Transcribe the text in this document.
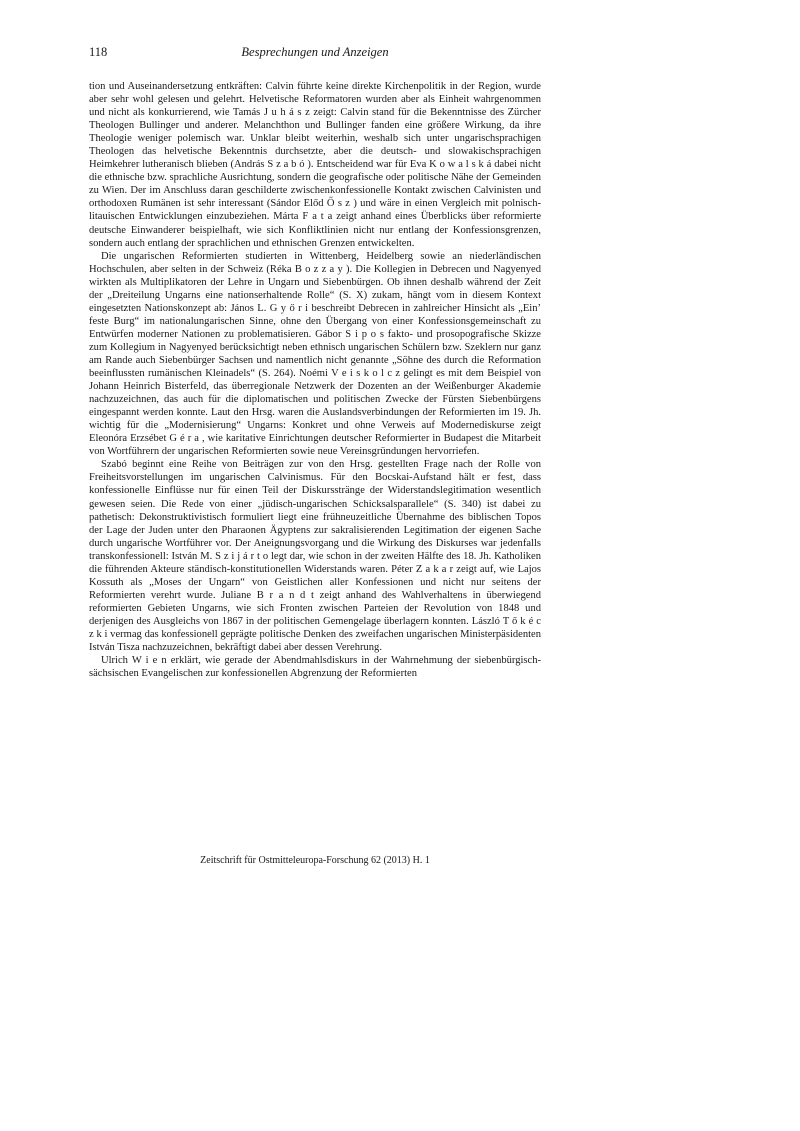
118	Besprechungen und Anzeigen

tion und Auseinandersetzung entkräften: Calvin führte keine direkte Kirchenpolitik in der Region, wurde aber sehr wohl gelesen und gelehrt. Helvetische Reformatoren wurden aber als Einheit wahrgenommen und nicht als konkurrierend, wie Tamás J u h á s z zeigt: Calvin stand für die Bekenntnisse des Zürcher Theologen Bullinger und anderer. Melanchthon und Bullinger fanden eine größere Wirkung, da ihre Theologie weniger polemisch war. Unklar bleibt weiterhin, weshalb sich unter ungarischsprachigen Theologen das helvetische Bekenntnis durchsetzte, aber die deutsch- und slowakischsprachigen Heimkehrer lutheranisch blieben (András S z a b ó ). Entscheidend war für Eva K o w a l s k á dabei nicht die ethnische bzw. sprachliche Ausrichtung, sondern die geografische oder politische Nähe der Gemeinden zu Wien. Der im Anschluss daran geschilderte zwischenkonfessionelle Kontakt zwischen Calvinisten und orthodoxen Rumänen ist sehr interessant (Sándor Előd Ő s z ) und wäre in einen Vergleich mit polnisch-litauischen Entwicklungen einzubeziehen. Márta F a t a zeigt anhand eines Überblicks über reformierte deutsche Einwanderer beispielhaft, wie sich Konfliktlinien nicht nur entlang der Konfessionsgrenzen, sondern auch entlang der sprachlichen und ethnischen Grenzen entwickelten.

Die ungarischen Reformierten studierten in Wittenberg, Heidelberg sowie an niederländischen Hochschulen, aber selten in der Schweiz (Réka B o z z a y ). Die Kollegien in Debrecen und Nagyenyed wirkten als Multiplikatoren der Lehre in Ungarn und Siebenbürgen. Ob ihnen deshalb während der Zeit der „Dreiteilung Ungarns eine nationserhaltende Rolle“ (S. X) zukam, hängt vom in diesem Kontext eingesetzten Nationskonzept ab: János L. G y ő r i beschreibt Debrecen in zahlreicher Hinsicht als „Ein’ feste Burg“ im nationalungarischen Sinne, ohne den Übergang von einer Konfessionsgemeinschaft zu Entwürfen moderner Nationen zu problematisieren. Gábor S i p o s fakto- und prosopografische Skizze zum Kollegium in Nagyenyed berücksichtigt neben ethnisch ungarischen Schülern bzw. Szeklern nur ganz am Rande auch Siebenbürger Sachsen und namentlich nicht genannte „Söhne des durch die Reformation beeinflussten rumänischen Kleinadels“ (S. 264). Noémi V e i s k o l c z gelingt es mit dem Beispiel von Johann Heinrich Bisterfeld, das überregionale Netzwerk der Dozenten an der Weißenburger Akademie nachzuzeichnen, das auch für die diplomatischen und politischen Zwecke der Fürsten Siebenbürgens eingespannt werden konnte. Laut den Hrsg. waren die Auslandsverbindungen der Reformierten im 19. Jh. wichtig für die „Modernisierung“ Ungarns: Konkret und ohne Verweis auf Modernediskurse zeigt Eleonóra Erzsébet G é r a , wie karitative Einrichtungen deutscher Reformierter in Budapest die Mitarbeit von Wortführern der ungarischen Reformierten sowie neue Vereinsgründungen hervorriefen.

Szabó beginnt eine Reihe von Beiträgen zur von den Hrsg. gestellten Frage nach der Rolle von Freiheitsvorstellungen im ungarischen Calvinismus. Für den Bocskai-Aufstand hält er fest, dass konfessionelle Einflüsse nur für einen Teil der Diskursstränge der Widerstandslegitimation wesentlich gewesen seien. Die Rede von einer „jüdisch-ungarischen Schicksalsparallele“ (S. 340) ist dabei zu pathetisch: Dekonstruktivistisch formuliert liegt eine frühneuzeitliche Übernahme des biblischen Topos der Lage der Juden unter den Pharaonen Ägyptens zur sakralisierenden Legitimation der eigenen Sache durch ungarische Wortführer vor. Der Aneignungsvorgang und die Wirkung des Diskurses war jedenfalls transkonfessionell: István M. S z i j á r t o legt dar, wie schon in der zweiten Hälfte des 18. Jh. Katholiken die führenden Akteure ständisch-konstitutionellen Widerstands waren. Péter Z a k a r zeigt auf, wie Lajos Kossuth als „Moses der Ungarn“ von Geistlichen aller Konfessionen und nicht nur seitens der Reformierten verehrt wurde. Juliane B r a n d t zeigt anhand des Wahlverhaltens in überwiegend reformierten Gebieten Ungarns, wie sich Fronten zwischen Parteien der Revolution von 1848 und derjenigen des Ausgleichs von 1867 in der politischen Gemengelage überlagern konnten. László T ő k é c z k i vermag das konfessionell geprägte politische Denken des zweifachen ungarischen Ministerpäsidenten István Tisza nachzuzeichnen, bekräftigt dabei aber dessen Verehrung.

Ulrich W i e n erklärt, wie gerade der Abendmahlsdiskurs in der Wahrnehmung der siebenbürgisch-sächsischen Evangelischen zur konfessionellen Abgrenzung der Reformierten

Zeitschrift für Ostmitteleuropa-Forschung 62 (2013) H. 1
